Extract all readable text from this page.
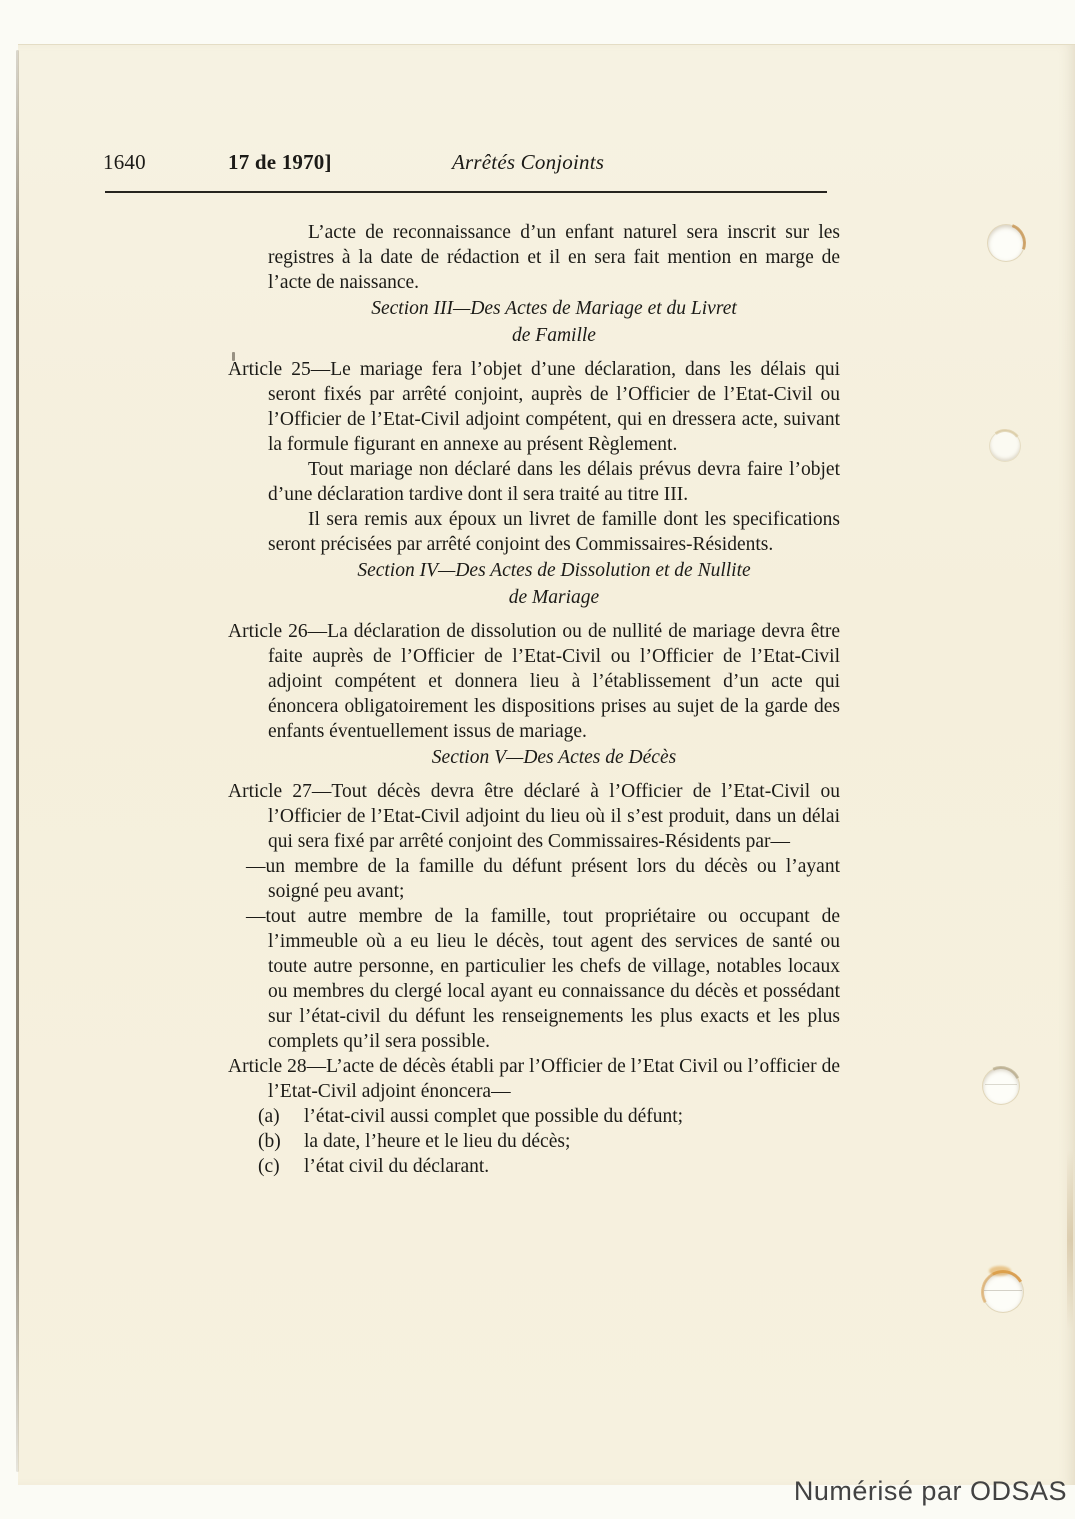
1640	17 de 1970]	Arrêtés Conjoints

L’acte de reconnaissance d’un enfant naturel sera inscrit sur les registres à la date de rédaction et il en sera fait mention en marge de l’acte de naissance.

Section III—Des Actes de Mariage et du Livret
de Famille

Article 25—Le mariage fera l’objet d’une déclaration, dans les délais qui seront fixés par arrêté conjoint, auprès de l’Officier de l’Etat-Civil ou l’Officier de l’Etat-Civil adjoint compétent, qui en dressera acte, suivant la formule figurant en annexe au présent Règlement.

Tout mariage non déclaré dans les délais prévus devra faire l’objet d’une déclaration tardive dont il sera traité au titre III.

Il sera remis aux époux un livret de famille dont les specifications seront précisées par arrêté conjoint des Commissaires-Résidents.

Section IV—Des Actes de Dissolution et de Nullite
de Mariage

Article 26—La déclaration de dissolution ou de nullité de mariage devra être faite auprès de l’Officier de l’Etat-Civil ou l’Officier de l’Etat-Civil adjoint compétent et donnera lieu à l’établissement d’un acte qui énoncera obligatoirement les dispositions prises au sujet de la garde des enfants éventuellement issus de mariage.

Section V—Des Actes de Décès

Article 27—Tout décès devra être déclaré à l’Officier de l’Etat-Civil ou l’Officier de l’Etat-Civil adjoint du lieu où il s’est produit, dans un délai qui sera fixé par arrêté conjoint des Commissaires-Résidents par—

—un membre de la famille du défunt présent lors du décès ou l’ayant soigné peu avant;

—tout autre membre de la famille, tout propriétaire ou occupant de l’immeuble où a eu lieu le décès, tout agent des services de santé ou toute autre personne, en particulier les chefs de village, notables locaux ou membres du clergé local ayant eu connaissance du décès et possédant sur l’état-civil du défunt les renseignements les plus exacts et les plus complets qu’il sera possible.

Article 28—L’acte de décès établi par l’Officier de l’Etat Civil ou l’officier de l’Etat-Civil adjoint énoncera—

(a) l’état-civil aussi complet que possible du défunt;

(b) la date, l’heure et le lieu du décès;

(c) l’état civil du déclarant.

Numérisé par ODSAS
